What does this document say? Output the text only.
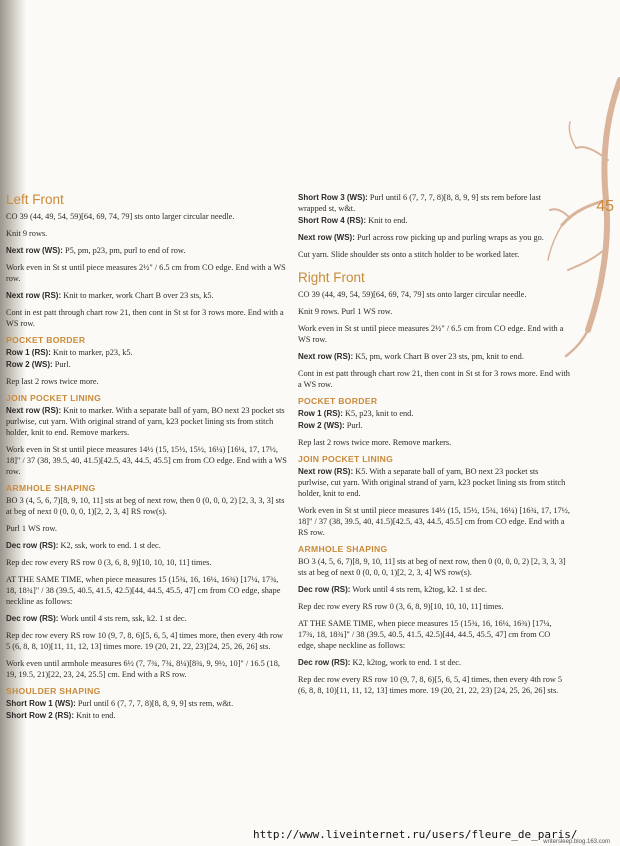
45
Left Front
CO 39 (44, 49, 54, 59)[64, 69, 74, 79] sts onto larger circular needle.
Knit 9 rows.
Next row (WS): P5, pm, p23, pm, purl to end of row.
Work even in St st until piece measures 2½" / 6.5 cm from CO edge. End with a WS row.
Next row (RS): Knit to marker, work Chart B over 23 sts, k5.
Cont in est patt through chart row 21, then cont in St st for 3 rows more. End with a WS row.
POCKET BORDER
Row 1 (RS): Knit to marker, p23, k5.
Row 2 (WS): Purl.
Rep last 2 rows twice more.
JOIN POCKET LINING
Next row (RS): Knit to marker. With a separate ball of yarn, BO next 23 pocket sts purlwise, cut yarn. With original strand of yarn, k23 pocket lining sts from stitch holder, knit to end. Remove markers.
Work even in St st until piece measures 14½ (15, 15½, 15½, 16¼) [16¼, 17, 17½, 18]" / 37 (38, 39.5, 40, 41.5)[42.5, 43, 44.5, 45.5] cm from CO edge. End with a WS row.
ARMHOLE SHAPING
BO 3 (4, 5, 6, 7)[8, 9, 10, 11] sts at beg of next row, then 0 (0, 0, 0, 2) [2, 3, 3, 3] sts at beg of next 0 (0, 0, 0, 1)[2, 2, 3, 4] RS row(s).
Purl 1 WS row.
Dec row (RS): K2, ssk, work to end. 1 st dec.
Rep dec row every RS row 0 (3, 6, 8, 9)[10, 10, 10, 11] times.
AT THE SAME TIME, when piece measures 15 (15¾, 16, 16¼, 16¾) [17¼, 17¾, 18, 18¾]" / 38 (39.5, 40.5, 41.5, 42.5)[44, 44.5, 45.5, 47] cm from CO edge, shape neckline as follows:
Dec row (RS): Work until 4 sts rem, ssk, k2. 1 st dec.
Rep dec row every RS row 10 (9, 7, 8, 6)[5, 6, 5, 4] times more, then every 4th row 5 (6, 8, 8, 10)[11, 11, 12, 13] times more. 19 (20, 21, 22, 23)[24, 25, 26, 26] sts.
Work even until armhole measures 6½ (7, 7¾, 7¾, 8¼)[8¾, 9, 9½, 10]" / 16.5 (18, 19, 19.5, 21)[22, 23, 24, 25.5] cm. End with a RS row.
SHOULDER SHAPING
Short Row 1 (WS): Purl until 6 (7, 7, 7, 8)[8, 8, 9, 9] sts rem, w&t.
Short Row 2 (RS): Knit to end.
Short Row 3 (WS): Purl until 6 (7, 7, 7, 8)[8, 8, 9, 9] sts rem before last wrapped st, w&t.
Short Row 4 (RS): Knit to end.
Next row (WS): Purl across row picking up and purling wraps as you go.
Cut yarn. Slide shoulder sts onto a stitch holder to be worked later.
Right Front
CO 39 (44, 49, 54, 59)[64, 69, 74, 79] sts onto larger circular needle.
Knit 9 rows. Purl 1 WS row.
Work even in St st until piece measures 2½" / 6.5 cm from CO edge. End with a WS row.
Next row (RS): K5, pm, work Chart B over 23 sts, pm, knit to end.
Cont in est patt through chart row 21, then cont in St st for 3 rows more. End with a WS row.
POCKET BORDER
Row 1 (RS): K5, p23, knit to end.
Row 2 (WS): Purl.
Rep last 2 rows twice more. Remove markers.
JOIN POCKET LINING
Next row (RS): K5. With a separate ball of yarn, BO next 23 pocket sts purlwise, cut yarn. With original strand of yarn, k23 pocket lining sts from stitch holder, knit to end.
Work even in St st until piece measures 14½ (15, 15½, 15¾, 16¼) [16¾, 17, 17½, 18]" / 37 (38, 39.5, 40, 41.5)[42.5, 43, 44.5, 45.5] cm from CO edge. End with a RS row.
ARMHOLE SHAPING
BO 3 (4, 5, 6, 7)[8, 9, 10, 11] sts at beg of next row, then 0 (0, 0, 0, 2) [2, 3, 3, 3] sts at beg of next 0 (0, 0, 0, 1)[2, 2, 3, 4] WS row(s).
Dec row (RS): Work until 4 sts rem, k2tog, k2. 1 st dec.
Rep dec row every RS row 0 (3, 6, 8, 9)[10, 10, 10, 11] times.
AT THE SAME TIME, when piece measures 15 (15¾, 16, 16¼, 16¾) [17¼, 17¾, 18, 18¾]" / 38 (39.5, 40.5, 41.5, 42.5)[44, 44.5, 45.5, 47] cm from CO edge, shape neckline as follows:
Dec row (RS): K2, k2tog, work to end. 1 st dec.
Rep dec row every RS row 10 (9, 7, 8, 6)[5, 6, 5, 4] times, then every 4th row 5 (6, 8, 8, 10)[11, 11, 12, 13] times more. 19 (20, 21, 22, 23) [24, 25, 26, 26] sts.
http://www.liveinternet.ru/users/fleure_de_paris/
writersleep.blog.163.com
